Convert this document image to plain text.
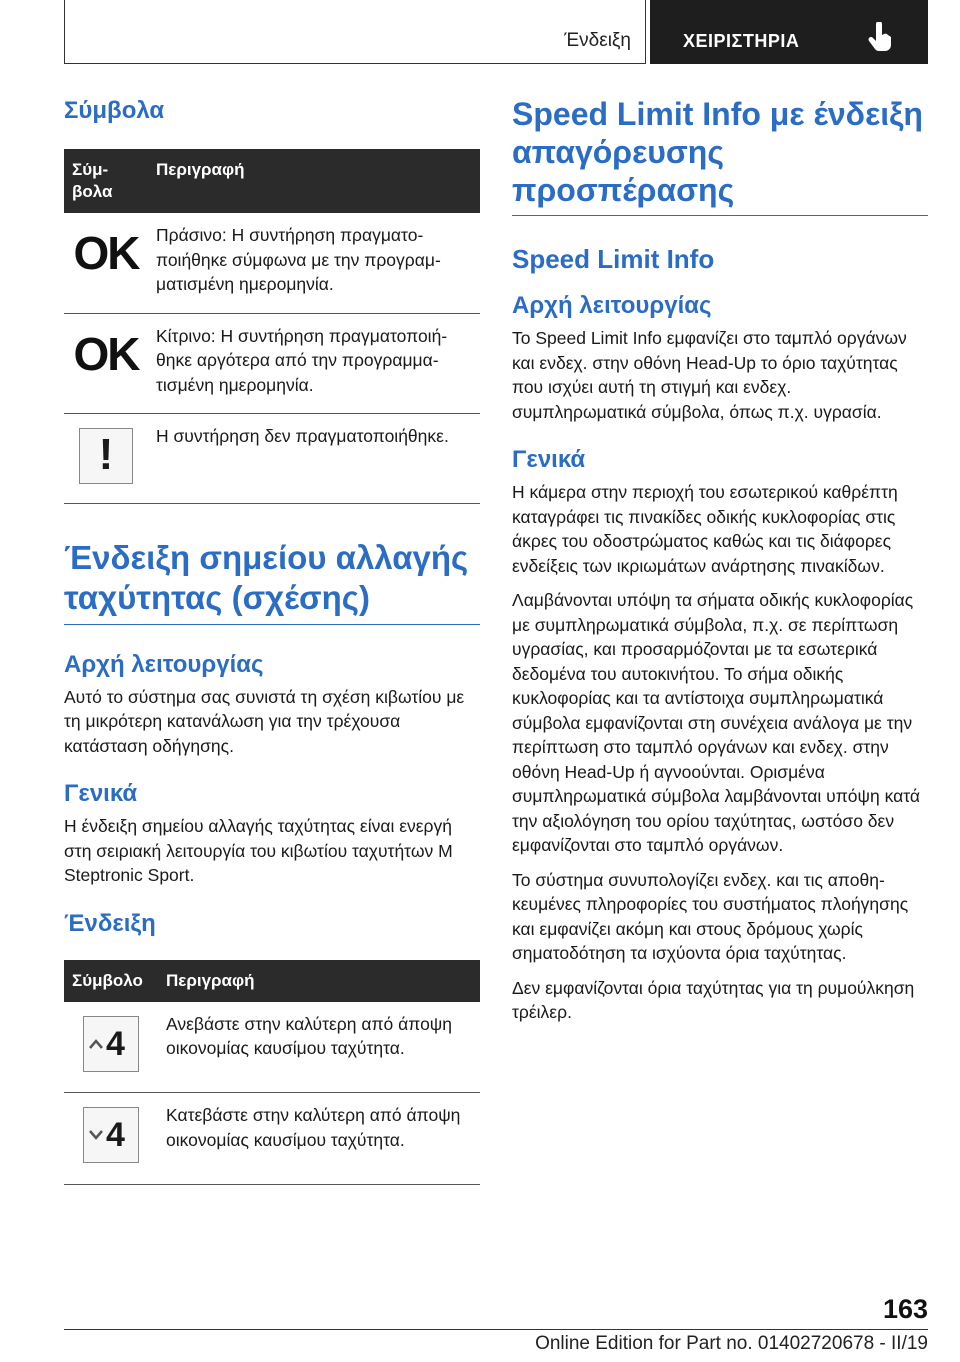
Ένδειξη	ΧΕΙΡΙΣΤΗΡΙΑ
Σύμβολα
Σύμ-βολα	Περιγραφή
OK	Πράσινο: Η συντήρηση πραγματοποιήθηκε σύμφωνα με την προγραμματισμένη ημερομηνία.
OK	Κίτρινο: Η συντήρηση πραγματοποιήθηκε αργότερα από την προγραμματισμένη ημερομηνία.

!	Η συντήρηση δεν πραγματοποιήθηκε.
Ένδειξη σημείου αλλαγής ταχύτητας (σχέσης)
Αρχή λειτουργίας

Αυτό το σύστημα σας συνιστά τη σχέση κιβωτίου με τη μικρότερη κατανάλωση για την τρέχουσα κατάσταση οδήγησης.

Γενικά

Η ένδειξη σημείου αλλαγής ταχύτητας είναι ενεργή στη σειριακή λειτουργία του κιβωτίου ταχυτήτων M Steptronic Sport.

Ένδειξη
Σύμβολο	Περιγραφή

4	Ανεβάστε στην καλύτερη από άποψη οικονομίας καυσίμου ταχύτητα.

4	Κατεβάστε στην καλύτερη από άποψη οικονομίας καυσίμου ταχύτητα.
Speed Limit Info με ένδειξη απαγόρευσης προσπέρασης
Speed Limit Info
Αρχή λειτουργίας

Το Speed Limit Info εμφανίζει στο ταμπλό οργάνων και ενδεχ. στην οθόνη Head-Up το όριο ταχύτητας που ισχύει αυτή τη στιγμή και ενδεχ. συμπληρωματικά σύμβολα, όπως π.χ. υγρασία.

Γενικά

Η κάμερα στην περιοχή του εσωτερικού καθρέπτη καταγράφει τις πινακίδες οδικής κυκλοφορίας στις άκρες του οδοστρώματος καθώς και τις διάφορες ενδείξεις των ικριωμάτων ανάρτησης πινακίδων.

Λαμβάνονται υπόψη τα σήματα οδικής κυκλοφορίας με συμπληρωματικά σύμβολα, π.χ. σε περίπτωση υγρασίας, και προσαρμόζονται με τα εσωτερικά δεδομένα του αυτοκινήτου. Το σήμα οδικής κυκλοφορίας και τα αντίστοιχα συμπληρωματικά σύμβολα εμφανίζονται στη συνέχεια ανάλογα με την περίπτωση στο ταμπλό οργάνων και ενδεχ. στην οθόνη Head-Up ή αγνοούνται. Ορισμένα συμπληρωματικά σύμβολα λαμβάνονται υπόψη κατά την αξιολόγηση του ορίου ταχύτητας, ωστόσο δεν εμφανίζονται στο ταμπλό οργάνων.

Το σύστημα συνυπολογίζει ενδεχ. και τις αποθηκευμένες πληροφορίες του συστήματος πλοήγησης και εμφανίζει ακόμη και στους δρόμους χωρίς σηματοδότηση τα ισχύοντα όρια ταχύτητας.

Δεν εμφανίζονται όρια ταχύτητας για τη ρυμούλκηση τρέιλερ.

163
Online Edition for Part no. 01402720678 - II/19
